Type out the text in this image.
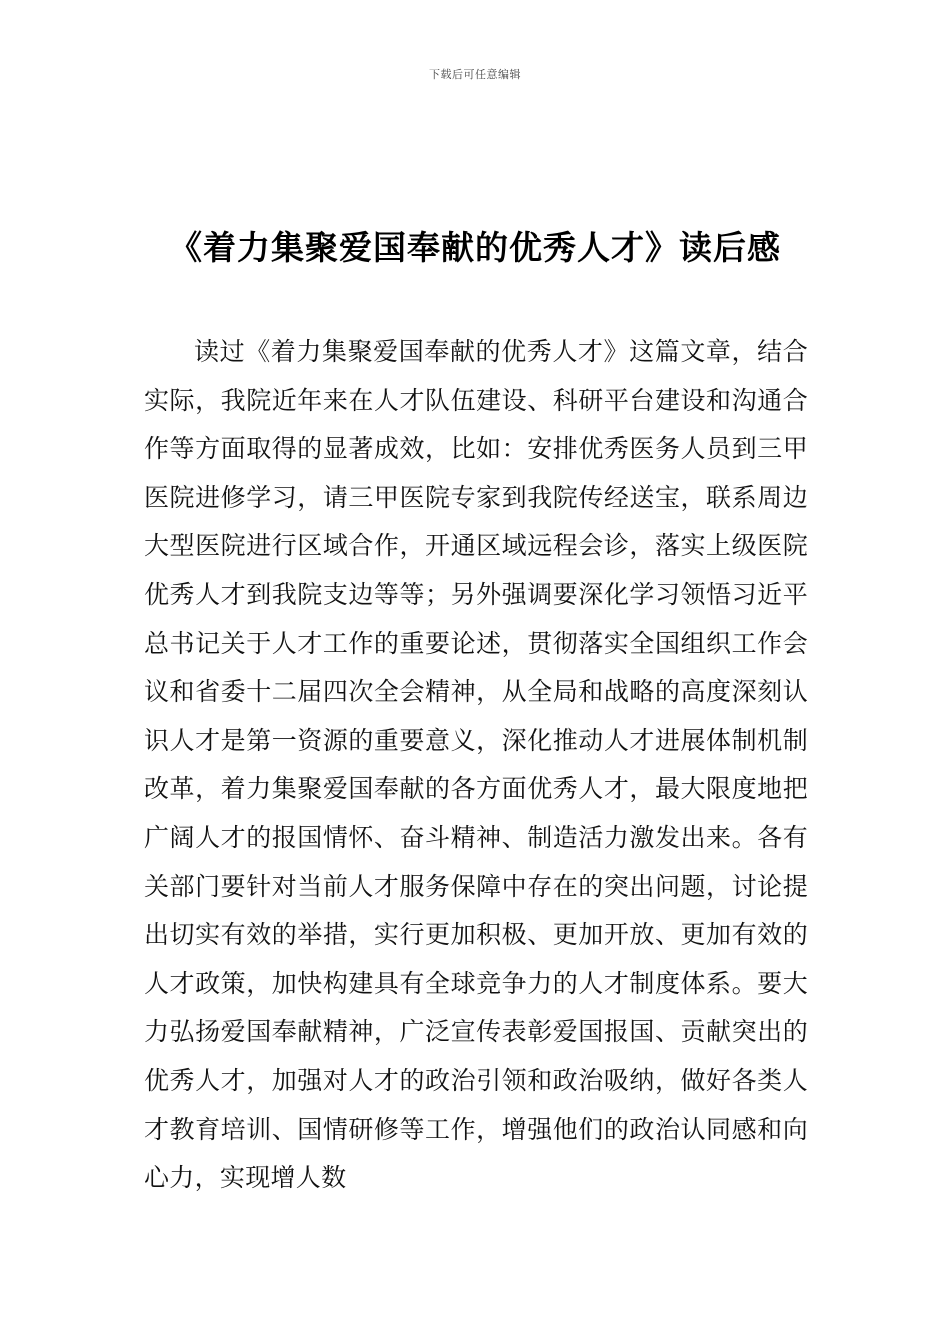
下载后可任意编辑
《着力集聚爱国奉献的优秀人才》读后感

读过《着力集聚爱国奉献的优秀人才》这篇文章，结合实际，我院近年来在人才队伍建设、科研平台建设和沟通合作等方面取得的显著成效，比如：安排优秀医务人员到三甲医院进修学习，请三甲医院专家到我院传经送宝，联系周边大型医院进行区域合作，开通区域远程会诊，落实上级医院优秀人才到我院支边等等；另外强调要深化学习领悟习近平总书记关于人才工作的重要论述，贯彻落实全国组织工作会议和省委十二届四次全会精神，从全局和战略的高度深刻认识人才是第一资源的重要意义，深化推动人才进展体制机制改革，着力集聚爱国奉献的各方面优秀人才，最大限度地把广阔人才的报国情怀、奋斗精神、制造活力激发出来。各有关部门要针对当前人才服务保障中存在的突出问题，讨论提出切实有效的举措，实行更加积极、更加开放、更加有效的人才政策，加快构建具有全球竞争力的人才制度体系。要大力弘扬爱国奉献精神，广泛宣传表彰爱国报国、贡献突出的优秀人才，加强对人才的政治引领和政治吸纳，做好各类人才教育培训、国情研修等工作，增强他们的政治认同感和向心力，实现增人数
